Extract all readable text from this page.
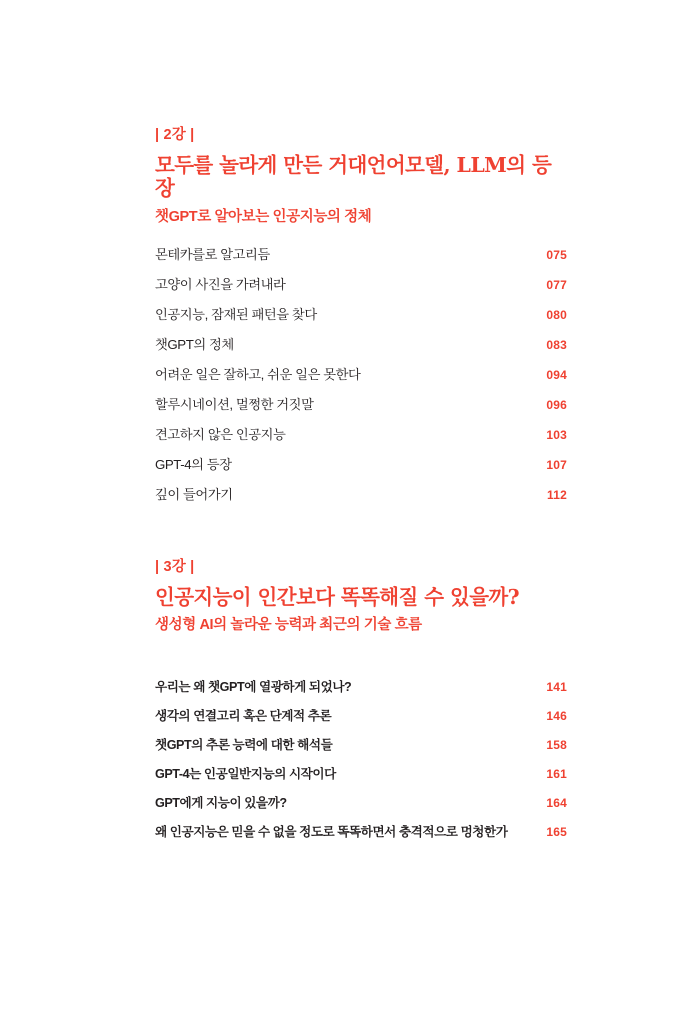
| 2강 |

모두를 놀라게 만든 거대언어모델, LLM의 등장

챗GPT로 알아보는 인공지능의 정체

몬테카를로 알고리듬	075
고양이 사진을 가려내라	077
인공지능, 잠재된 패턴을 찾다	080
챗GPT의 정체	083
어려운 일은 잘하고, 쉬운 일은 못한다	094
할루시네이션, 멀쩡한 거짓말	096
견고하지 않은 인공지능	103
GPT-4의 등장	107
깊이 들어가기	112

| 3강 |

인공지능이 인간보다 똑똑해질 수 있을까?

생성형 AI의 놀라운 능력과 최근의 기술 흐름

우리는 왜 챗GPT에 열광하게 되었나?	141
생각의 연결고리 혹은 단계적 추론	146
챗GPT의 추론 능력에 대한 해석들	158
GPT-4는 인공일반지능의 시작이다	161
GPT에게 지능이 있을까?	164
왜 인공지능은 믿을 수 없을 정도로 똑똑하면서 충격적으로 멍청한가	165
